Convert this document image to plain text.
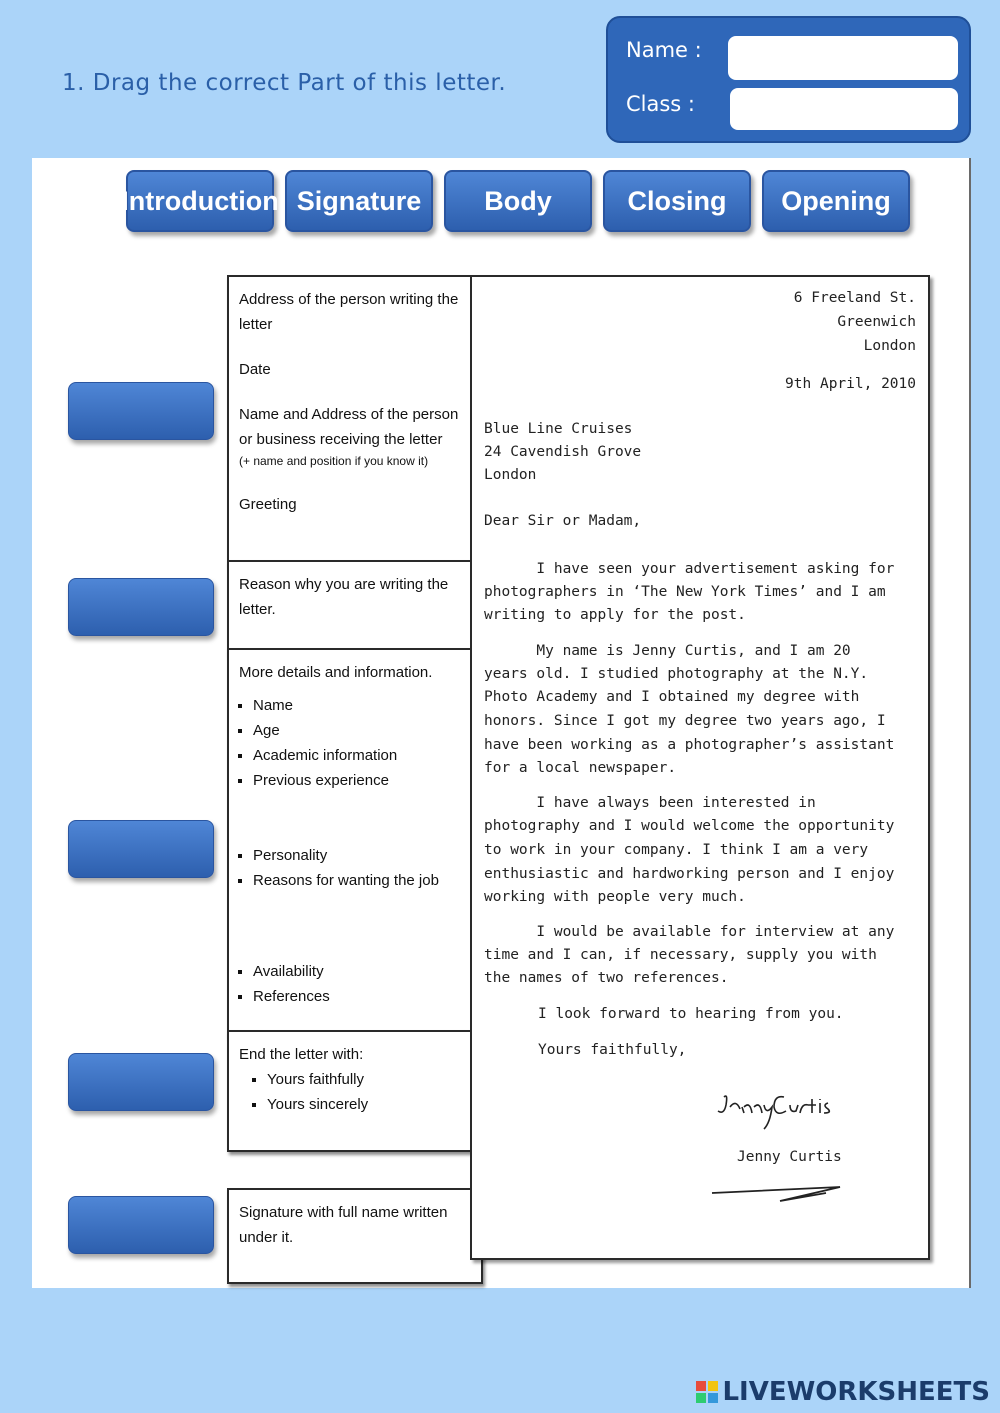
1. Drag the correct Part of this letter.
Name :
Class :
Introduction Signature	Body	Closing	Opening

Address of the person writing the letter

Date

Name and Address of the person or business receiving the letter

(+ name and position if you know it)

Greeting

Reason why you are writing the letter.

More details and information.

▪ Name
▪ Age
▪ Academic information
▪ Previous experience
▪ Personality
▪ Reasons for wanting the job
▪ Availability
▪ References

End the letter with:

▪ Yours faithfully
▪ Yours sincerely

Signature with full name written under it.

6 Freeland St.
Greenwich
London
9th April, 2010
Blue Line Cruises
24 Cavendish Grove
London
Dear Sir or Madam,
I have seen your advertisement asking for
photographers in ‘The New York Times’ and I am
writing to apply for the post.
My name is Jenny Curtis, and I am 20
years old. I studied photography at the N.Y.
Photo Academy and I obtained my degree with
honors. Since I got my degree two years ago, I
have been working as a photographer’s assistant
for a local newspaper.
I have always been interested in
photography and I would welcome the opportunity
to work in your company. I think I am a very
enthusiastic and hardworking person and I enjoy
working with people very much.
I would be available for interview at any
time and I can, if necessary, supply you with
the names of two references.
I look forward to hearing from you.
Yours faithfully,
Jenny Curtis
LIVEWORKSHEETS
